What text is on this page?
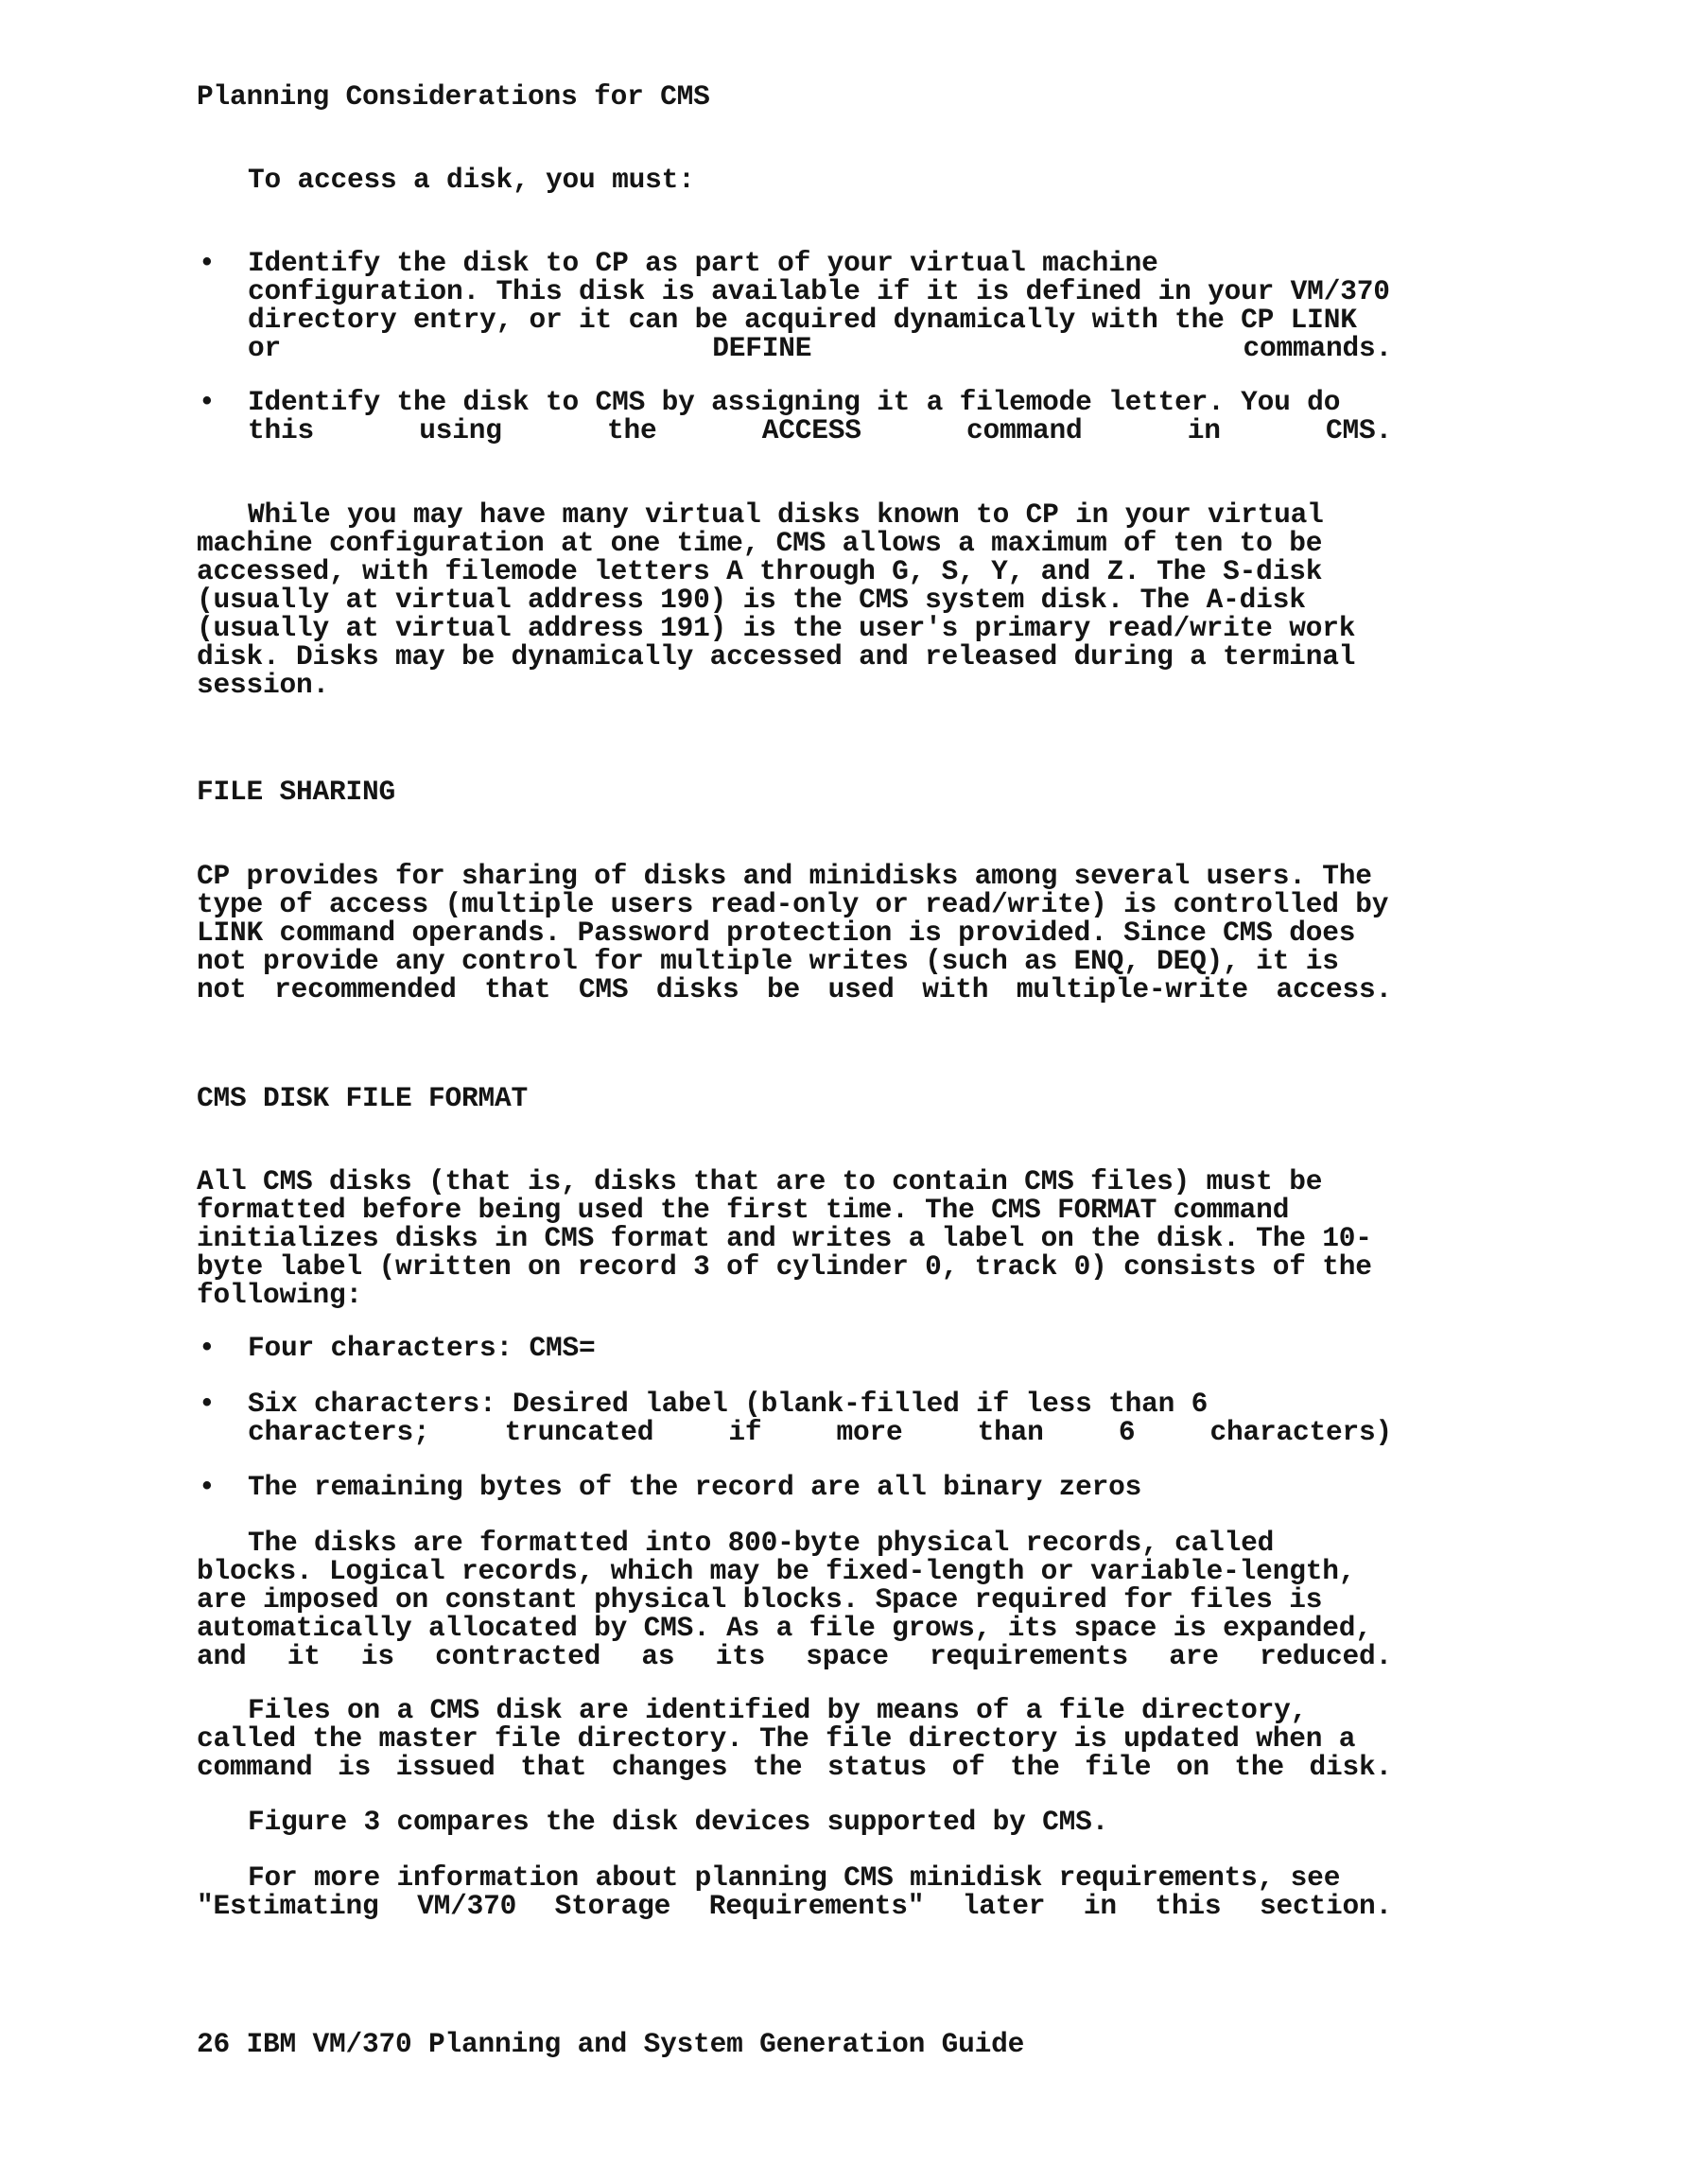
Planning Considerations for CMS
To access a disk, you must:
• Identify the disk to CP as part of your virtual machine configuration. This disk is available if it is defined in your VM/370 directory entry, or it can be acquired dynamically with the CP LINK or DEFINE commands.
• Identify the disk to CMS by assigning it a filemode letter. You do this using the ACCESS command in CMS.
While you may have many virtual disks known to CP in your virtual machine configuration at one time, CMS allows a maximum of ten to be accessed, with filemode letters A through G, S, Y, and Z. The S-disk (usually at virtual address 190) is the CMS system disk. The A-disk (usually at virtual address 191) is the user's primary read/write work disk. Disks may be dynamically accessed and released during a terminal session.
FILE SHARING
CP provides for sharing of disks and minidisks among several users. The type of access (multiple users read-only or read/write) is controlled by LINK command operands. Password protection is provided. Since CMS does not provide any control for multiple writes (such as ENQ, DEQ), it is not recommended that CMS disks be used with multiple-write access.
CMS DISK FILE FORMAT
All CMS disks (that is, disks that are to contain CMS files) must be formatted before being used the first time. The CMS FORMAT command initializes disks in CMS format and writes a label on the disk. The 10-byte label (written on record 3 of cylinder 0, track 0) consists of the following:
• Four characters: CMS=
• Six characters: Desired label (blank-filled if less than 6 characters; truncated if more than 6 characters)
• The remaining bytes of the record are all binary zeros
The disks are formatted into 800-byte physical records, called blocks. Logical records, which may be fixed-length or variable-length, are imposed on constant physical blocks. Space required for files is automatically allocated by CMS. As a file grows, its space is expanded, and it is contracted as its space requirements are reduced.
Files on a CMS disk are identified by means of a file directory, called the master file directory. The file directory is updated when a command is issued that changes the status of the file on the disk.
Figure 3 compares the disk devices supported by CMS.
For more information about planning CMS minidisk requirements, see "Estimating VM/370 Storage Requirements" later in this section.
26 IBM VM/370 Planning and System Generation Guide
